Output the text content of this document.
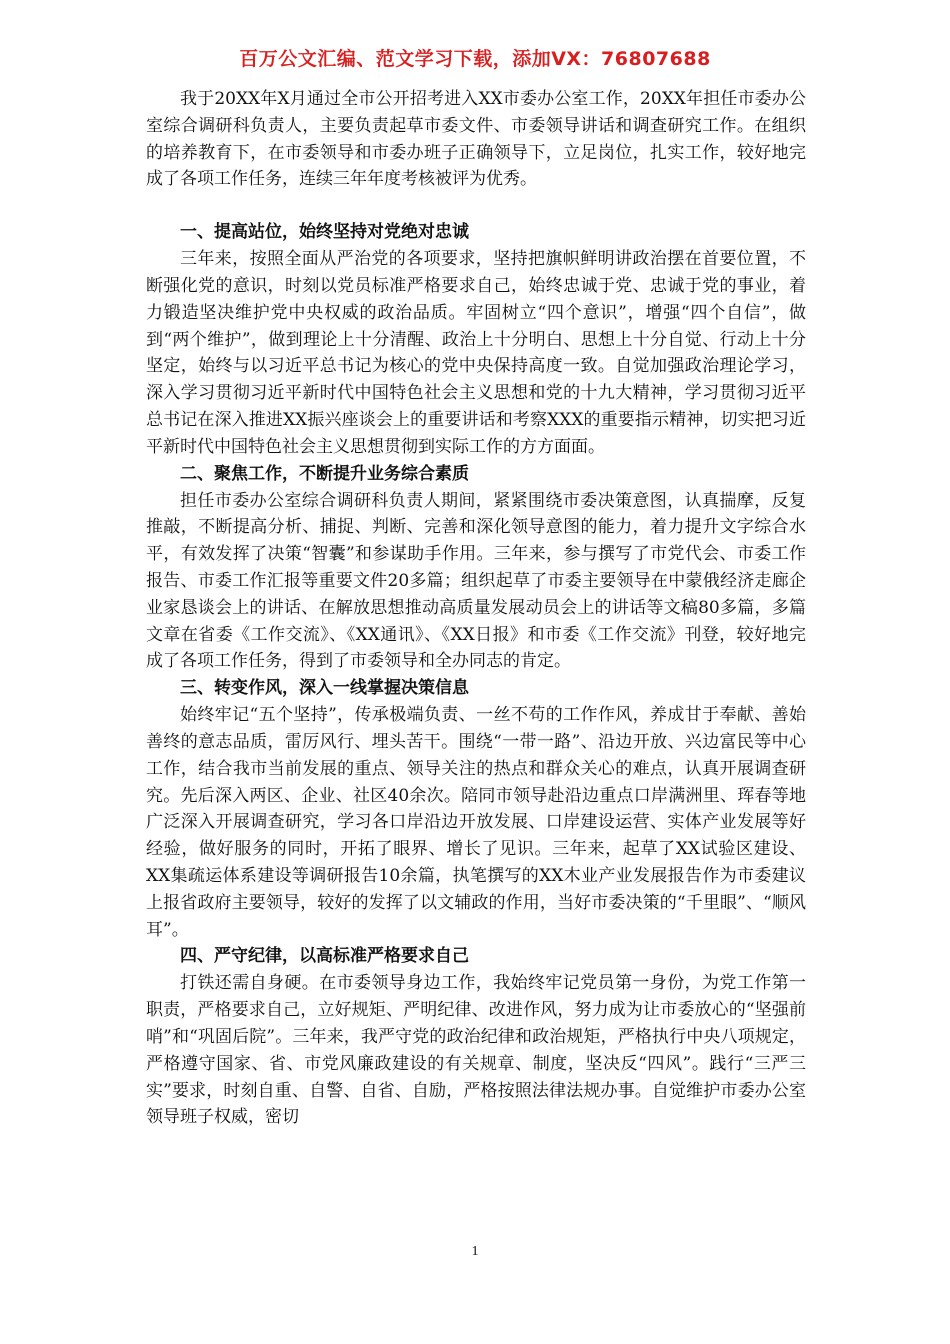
百万公文汇编、范文学习下载，添加VX：76807688

我于20XX年X月通过全市公开招考进入XX市委办公室工作，20XX年担任市委办公室综合调研科负责人，主要负责起草市委文件、市委领导讲话和调查研究工作。在组织的培养教育下，在市委领导和市委办班子正确领导下，立足岗位，扎实工作，较好地完成了各项工作任务，连续三年年度考核被评为优秀。

一、提高站位，始终坚持对党绝对忠诚

三年来，按照全面从严治党的各项要求，坚持把旗帜鲜明讲政治摆在首要位置，不断强化党的意识，时刻以党员标准严格要求自己，始终忠诚于党、忠诚于党的事业，着力锻造坚决维护党中央权威的政治品质。牢固树立“四个意识”，增强“四个自信”，做到“两个维护”，做到理论上十分清醒、政治上十分明白、思想上十分自觉、行动上十分坚定，始终与以习近平总书记为核心的党中央保持高度一致。自觉加强政治理论学习，深入学习贯彻习近平新时代中国特色社会主义思想和党的十九大精神，学习贯彻习近平总书记在深入推进XX振兴座谈会上的重要讲话和考察XXX的重要指示精神，切实把习近平新时代中国特色社会主义思想贯彻到实际工作的方方面面。

二、聚焦工作，不断提升业务综合素质

担任市委办公室综合调研科负责人期间，紧紧围绕市委决策意图，认真揣摩，反复推敲，不断提高分析、捕捉、判断、完善和深化领导意图的能力，着力提升文字综合水平，有效发挥了决策“智囊”和参谋助手作用。三年来，参与撰写了市党代会、市委工作报告、市委工作汇报等重要文件20多篇；组织起草了市委主要领导在中蒙俄经济走廊企业家恳谈会上的讲话、在解放思想推动高质量发展动员会上的讲话等文稿80多篇，多篇文章在省委《工作交流》、《XX通讯》、《XX日报》和市委《工作交流》刊登，较好地完成了各项工作任务，得到了市委领导和全办同志的肯定。

三、转变作风，深入一线掌握决策信息

始终牢记“五个坚持”，传承极端负责、一丝不苟的工作作风，养成甘于奉献、善始善终的意志品质，雷厉风行、埋头苦干。围绕“一带一路”、沿边开放、兴边富民等中心工作，结合我市当前发展的重点、领导关注的热点和群众关心的难点，认真开展调查研究。先后深入两区、企业、社区40余次。陪同市领导赴沿边重点口岸满洲里、珲春等地广泛深入开展调查研究，学习各口岸沿边开放发展、口岸建设运营、实体产业发展等好经验，做好服务的同时，开拓了眼界、增长了见识。三年来，起草了XX试验区建设、XX集疏运体系建设等调研报告10余篇，执笔撰写的XX木业产业发展报告作为市委建议上报省政府主要领导，较好的发挥了以文辅政的作用，当好市委决策的“千里眼”、“顺风耳”。

四、严守纪律，以高标准严格要求自己

打铁还需自身硬。在市委领导身边工作，我始终牢记党员第一身份，为党工作第一职责，严格要求自己，立好规矩、严明纪律、改进作风，努力成为让市委放心的“坚强前哨”和“巩固后院”。三年来，我严守党的政治纪律和政治规矩，严格执行中央八项规定，严格遵守国家、省、市党风廉政建设的有关规章、制度，坚决反“四风”。践行“三严三实”要求，时刻自重、自警、自省、自励，严格按照法律法规办事。自觉维护市委办公室领导班子权威，密切

1
